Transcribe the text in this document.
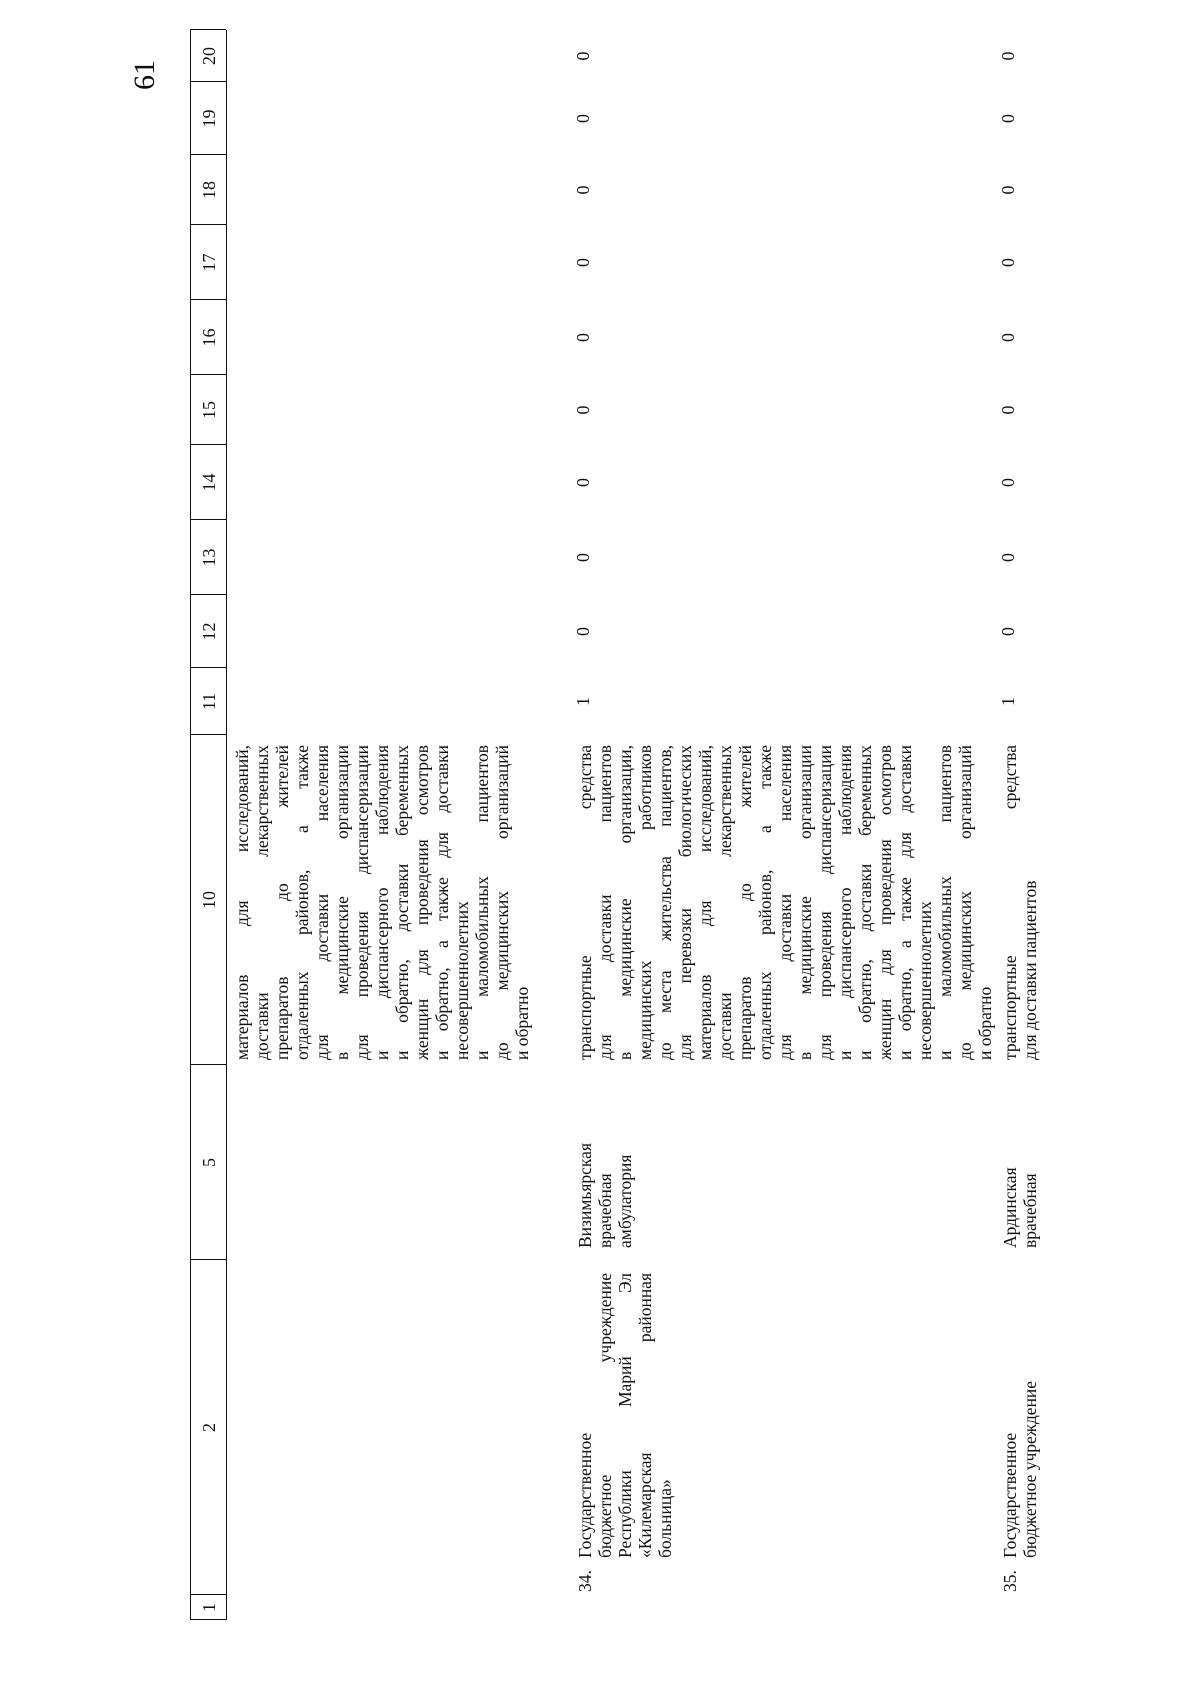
61
1
2
5
10
11
12
13
14
15
16
17
18
19
20
материалов для исследований, доставки лекарственных препаратов до жителей отдаленных районов, а также для доставки населения в медицинские организации для проведения диспансеризации и диспансерного наблюдения и обратно, доставки беременных женщин для проведения осмотров и обратно, а также для доставки несовершеннолетних и маломобильных пациентов до медицинских организаций и обратно
34.
Государственное бюджетное учреждение Республики Марий Эл «Килемарская районная больница»
Визимьярская врачебная амбулатория
транспортные средства для доставки пациентов в медицинские организации, медицинских работников до места жительства пациентов, для перевозки биологических материалов для исследований, доставки лекарственных препаратов до жителей отдаленных районов, а также для доставки населения в медицинские организации для проведения диспансеризации и диспансерного наблюдения и обратно, доставки беременных женщин для проведения осмотров и обратно, а также для доставки несовершеннолетних и маломобильных пациентов до медицинских организаций и обратно
1
0
0
0
0
0
0
0
0
0
35.
Государственное бюджетное учреждение
Ардинская врачебная
транспортные средства для доставки пациентов
1
0
0
0
0
0
0
0
0
0
